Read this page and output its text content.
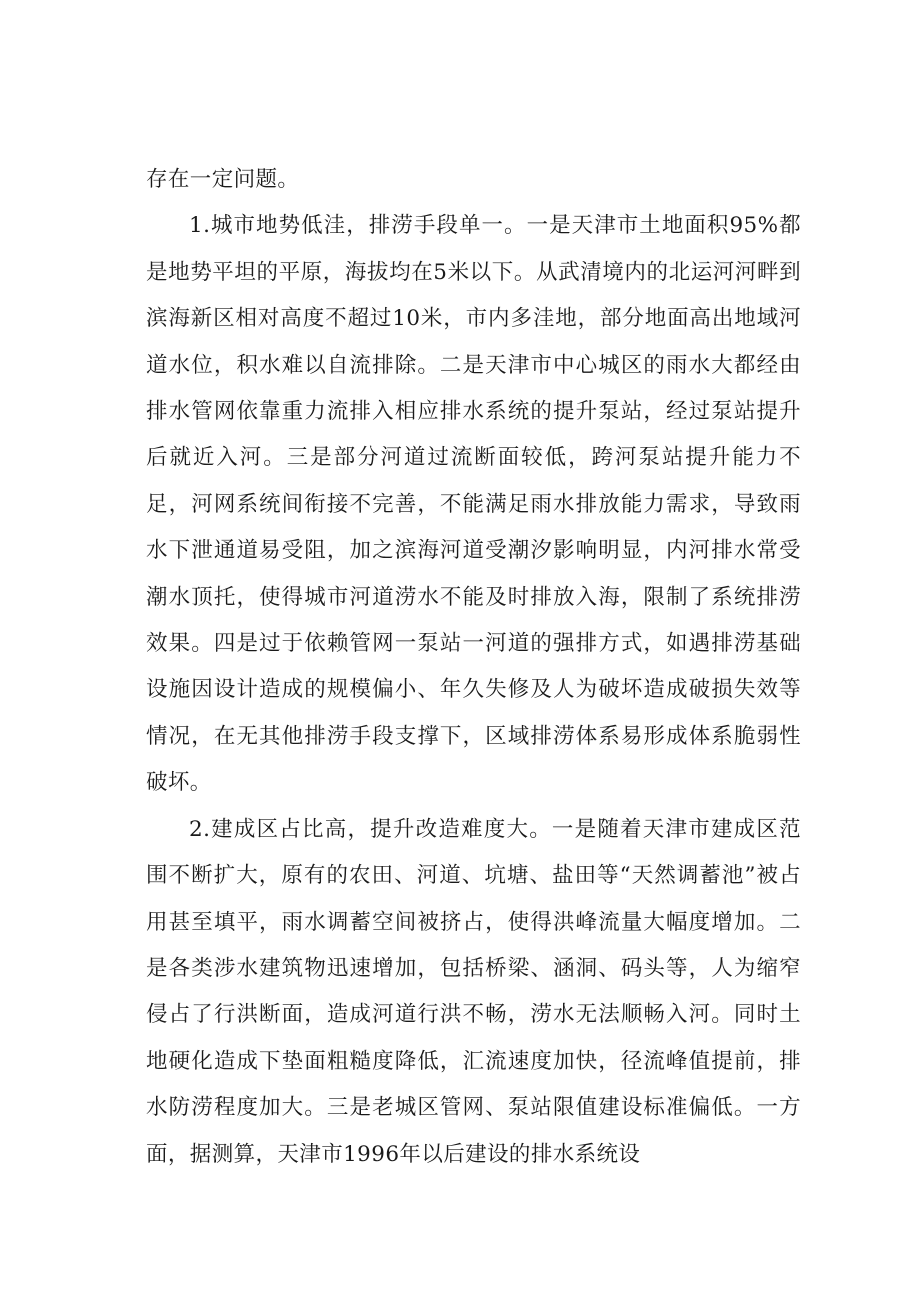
存在一定问题。

1.城市地势低洼，排涝手段单一。一是天津市土地面积95%都是地势平坦的平原，海拔均在5米以下。从武清境内的北运河河畔到滨海新区相对高度不超过10米，市内多洼地，部分地面高出地域河道水位，积水难以自流排除。二是天津市中心城区的雨水大都经由排水管网依靠重力流排入相应排水系统的提升泵站，经过泵站提升后就近入河。三是部分河道过流断面较低，跨河泵站提升能力不足，河网系统间衔接不完善，不能满足雨水排放能力需求，导致雨水下泄通道易受阻，加之滨海河道受潮汐影响明显，内河排水常受潮水顶托，使得城市河道涝水不能及时排放入海，限制了系统排涝效果。四是过于依赖管网一泵站一河道的强排方式，如遇排涝基础设施因设计造成的规模偏小、年久失修及人为破坏造成破损失效等情况，在无其他排涝手段支撑下，区域排涝体系易形成体系脆弱性破坏。

2.建成区占比高，提升改造难度大。一是随着天津市建成区范围不断扩大，原有的农田、河道、坑塘、盐田等“天然调蓄池”被占用甚至填平，雨水调蓄空间被挤占，使得洪峰流量大幅度增加。二是各类涉水建筑物迅速增加，包括桥梁、涵洞、码头等，人为缩窄侵占了行洪断面，造成河道行洪不畅，涝水无法顺畅入河。同时土地硬化造成下垫面粗糙度降低，汇流速度加快，径流峰值提前，排水防涝程度加大。三是老城区管网、泵站限值建设标准偏低。一方面，据测算，天津市1996年以后建设的排水系统设
